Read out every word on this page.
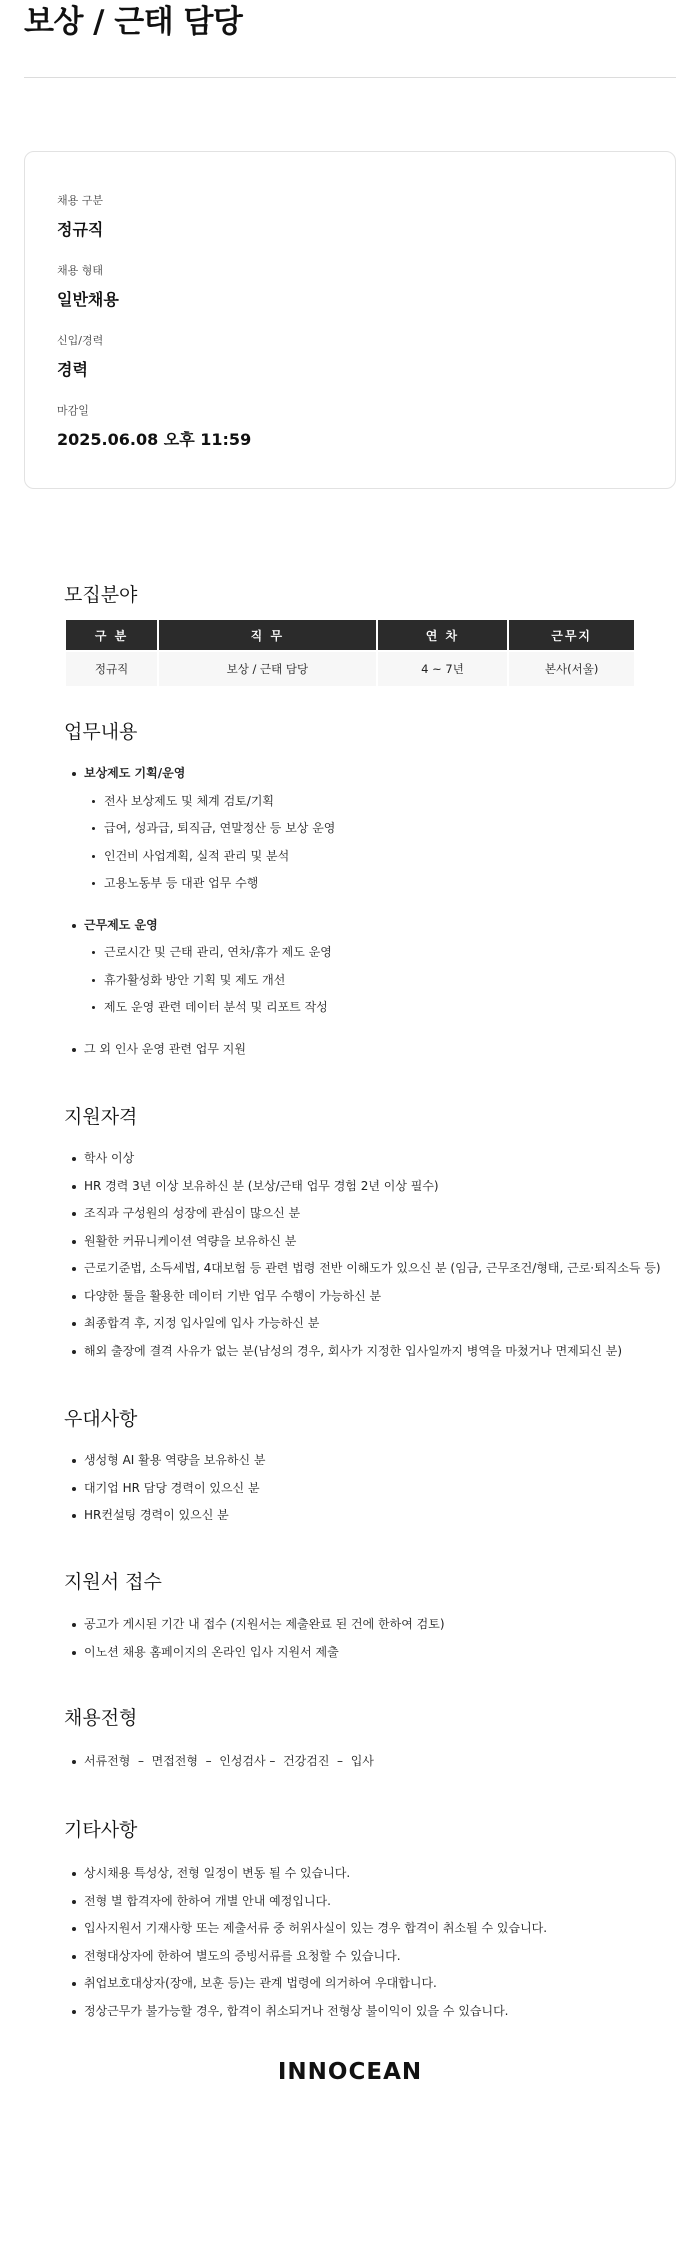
보상 / 근태 담당
채용 구분
정규직
채용 형태
일반채용
신입/경력
경력
마감일
2025.06.08 오후 11:59
모집분야
구 분	직 무	연 차	근무지
정규직	보상 / 근태 담당	4 ~ 7년	본사(서울)
업무내용
보상제도 기획/운영
전사 보상제도 및 체계 검토/기획
급여, 성과급, 퇴직금, 연말정산 등 보상 운영
인건비 사업계획, 실적 관리 및 분석
고용노동부 등 대관 업무 수행
근무제도 운영
근로시간 및 근태 관리, 연차/휴가 제도 운영
휴가활성화 방안 기획 및 제도 개선
제도 운영 관련 데이터 분석 및 리포트 작성
그 외 인사 운영 관련 업무 지원
지원자격
학사 이상
HR 경력 3년 이상 보유하신 분 (보상/근태 업무 경험 2년 이상 필수)
조직과 구성원의 성장에 관심이 많으신 분
원활한 커뮤니케이션 역량을 보유하신 분
근로기준법, 소득세법, 4대보험 등 관련 법령 전반 이해도가 있으신 분 (임금, 근무조건/형태, 근로·퇴직소득 등)
다양한 툴을 활용한 데이터 기반 업무 수행이 가능하신 분
최종합격 후, 지정 입사일에 입사 가능하신 분
해외 출장에 결격 사유가 없는 분(남성의 경우, 회사가 지정한 입사일까지 병역을 마쳤거나 면제되신 분)
우대사항
생성형 AI 활용 역량을 보유하신 분
대기업 HR 담당 경력이 있으신 분
HR컨설팅 경력이 있으신 분
지원서 접수
공고가 게시된 기간 내 접수 (지원서는 제출완료 된 건에 한하여 검토)
이노션 채용 홈페이지의 온라인 입사 지원서 제출
채용전형
서류전형  –  면접전형  –  인성검사 –  건강검진  –  입사
기타사항
상시채용 특성상, 전형 일정이 변동 될 수 있습니다.
전형 별 합격자에 한하여 개별 안내 예정입니다.
입사지원서 기재사항 또는 제출서류 중 허위사실이 있는 경우 합격이 취소될 수 있습니다.
전형대상자에 한하여 별도의 증빙서류를 요청할 수 있습니다.
취업보호대상자(장애, 보훈 등)는 관계 법령에 의거하여 우대합니다.
정상근무가 불가능할 경우, 합격이 취소되거나 전형상 불이익이 있을 수 있습니다.
INNOCEAN
